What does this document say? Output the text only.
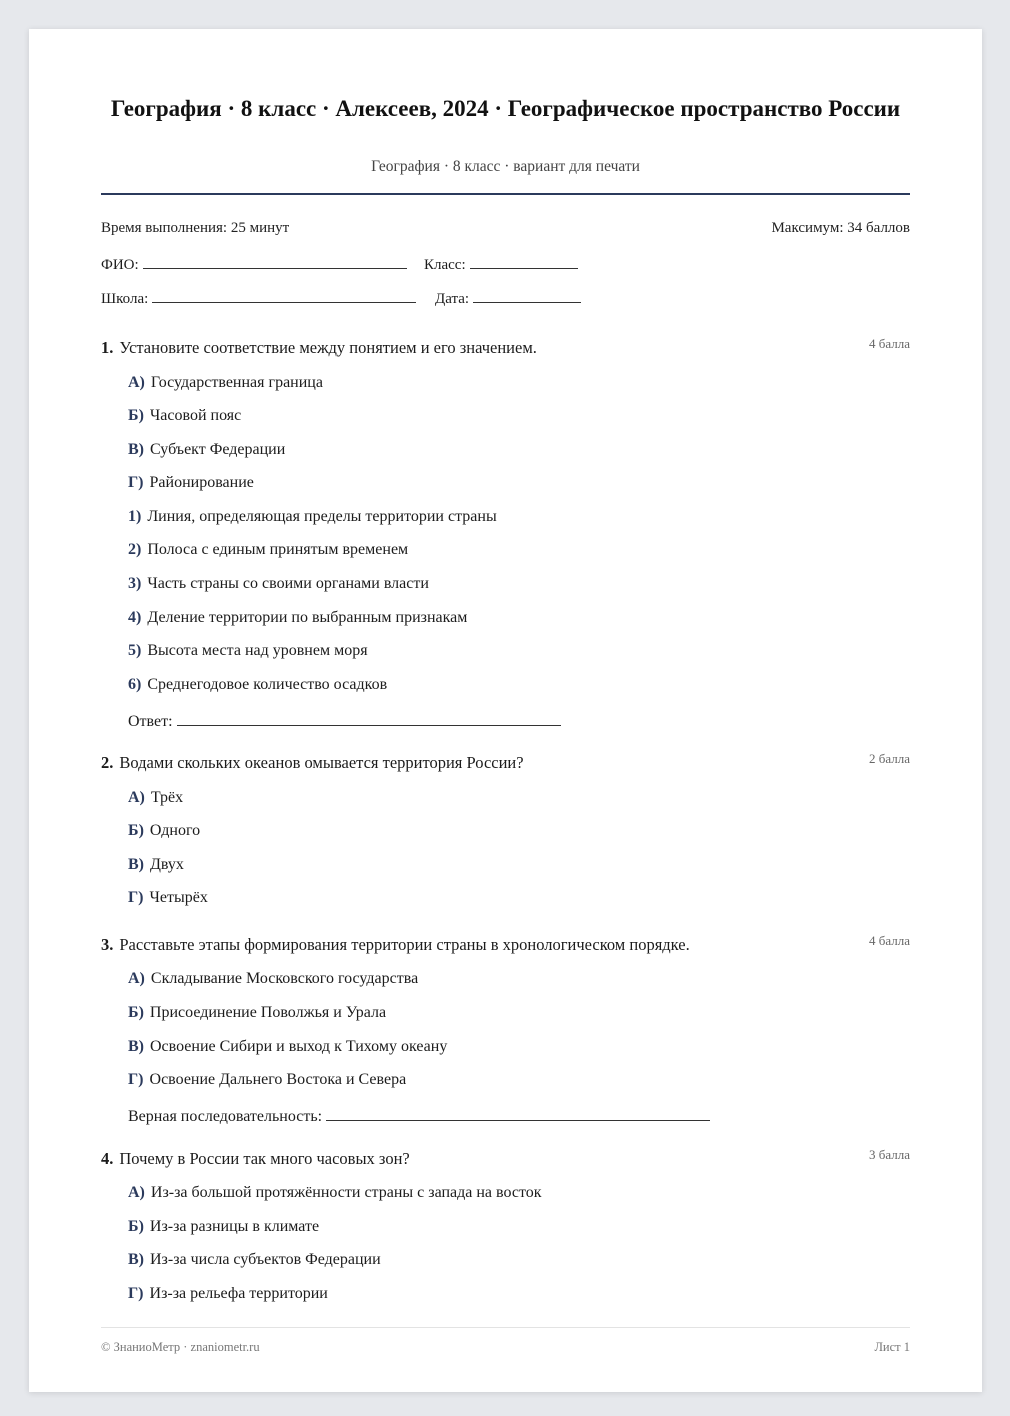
География · 8 класс · Алексеев, 2024 · Географическое пространство России
География · 8 класс · вариант для печати
Время выполнения: 25 минут	Максимум: 34 баллов
ФИО:	Класс:
Школа:	Дата:
1. Установите соответствие между понятием и его значением.	4 балла
А) Государственная граница
Б) Часовой пояс
В) Субъект Федерации
Г) Районирование
1) Линия, определяющая пределы территории страны
2) Полоса с единым принятым временем
3) Часть страны со своими органами власти
4) Деление территории по выбранным признакам
5) Высота места над уровнем моря
6) Среднегодовое количество осадков
Ответ:
2. Водами скольких океанов омывается территория России?	2 балла
А) Трёх
Б) Одного
В) Двух
Г) Четырёх
3. Расставьте этапы формирования территории страны в хронологическом порядке.	4 балла
А) Складывание Московского государства
Б) Присоединение Поволжья и Урала
В) Освоение Сибири и выход к Тихому океану
Г) Освоение Дальнего Востока и Севера
Верная последовательность:
4. Почему в России так много часовых зон?	3 балла
А) Из-за большой протяжённости страны с запада на восток
Б) Из-за разницы в климате
В) Из-за числа субъектов Федерации
Г) Из-за рельефа территории
© ЗнаниоМетр · znaniometr.ru	Лист 1
